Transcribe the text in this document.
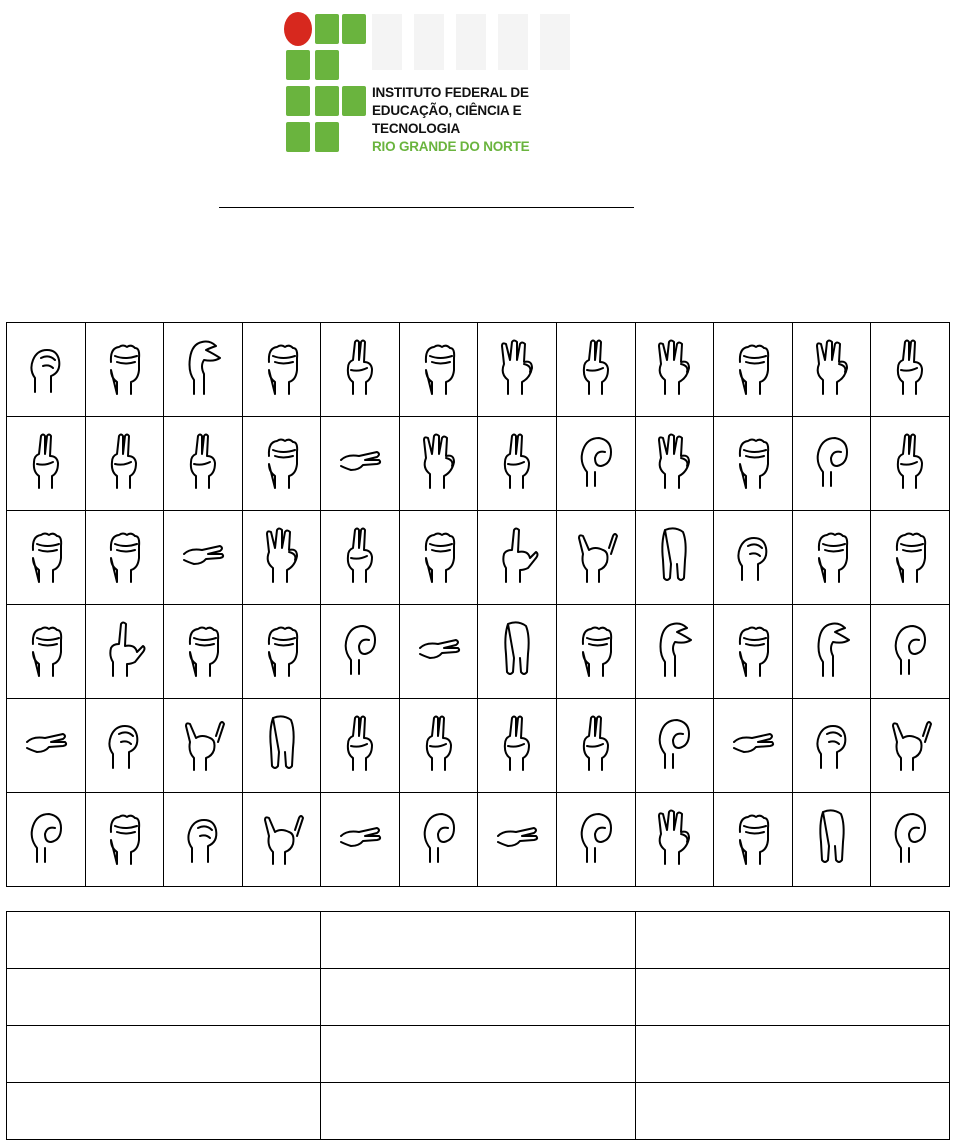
INSTITUTO FEDERAL DE
EDUCAÇÃO, CIÊNCIA E TECNOLOGIA
RIO GRANDE DO NORTE
